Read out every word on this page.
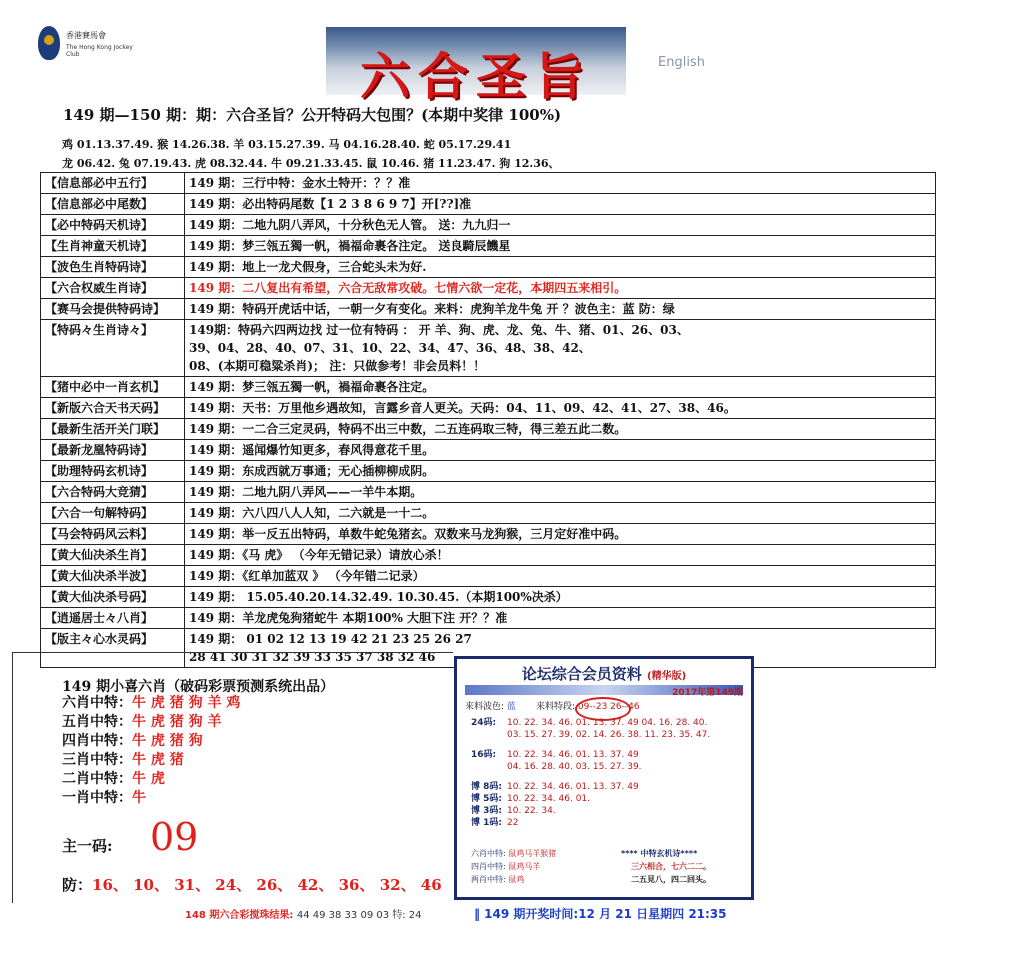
香港賽馬會
The Hong Kong Jockey Club	六合圣旨	English
149 期—150 期：期：六合圣旨？公开特码大包围？(本期中奖律 100%)
鸡 01.13.37.49. 猴 14.26.38. 羊 03.15.27.39. 马 04.16.28.40. 蛇 05.17.29.41
龙 06.42. 兔 07.19.43. 虎 08.32.44. 牛 09.21.33.45. 鼠 10.46. 猪 11.23.47. 狗 12.36、
【信息部必中五行】	149 期：三行中特：金水土特开：？？准

【信息部必中尾数】	149 期：必出特码尾数【1 2 3 8 6 9 7】开[??]准

【必中特码天机诗】	149 期：二地九阴八弄风，十分秋色无人管。 送：九九归一

【生肖神童天机诗】	149 期：梦三瓴五獨一帆，禍福命裹各注定。 送良騎辰饑星

【波色生肖特码诗】	149 期：地上一龙犬假身，三合蛇头未为好.

【六合权威生肖诗】	149 期：二八复出有希望，六合无敌常攻破。七情六欲一定花，本期四五来相引。

【赛马会提供特码诗】	149 期：特码开虎话中话，一朝一夕有变化。来料：虎狗羊龙牛兔 开 ？波色主：蓝 防：绿

【特码々生肖诗々】	149期：特码六四两边找 过一位有特码 ： 开 羊、狗、虎、龙、兔、牛、猪、01、26、03、
39、04、28、40、07、31、10、22、34、47、36、48、38、42、
08、(本期可稳粱杀肖)； 注：只做参考！非会员料！！

【猪中必中一肖玄机】	149 期：梦三瓴五獨一帆，禍福命裹各注定。

【新版六合天书天码】	149 期：天书：万里他乡遇故知，言露乡音人更关。天码：04、11、09、42、41、27、38、46。

【最新生活开关门联】	149 期：一二合三定灵码，特码不出三中数，二五连码取三特，得三差五此二数。

【最新龙凰特码诗】	149 期：遥闻爆竹知更多，春风得意花千里。

【助理特码玄机诗】	149 期：东成西就万事通；无心插柳柳成阴。

【六合特码大竞猜】	149 期：二地九阴八弄风——一羊牛本期。

【六合一句解特码】	149 期：六八四八人人知，二六就是一十二。

【马会特码风云料】	149 期：举一反五出特码，单数牛蛇兔猪玄。双数来马龙狗猴，三月定好准中码。

【黄大仙决杀生肖】	149 期：《马 虎》 （今年无错记录）请放心杀！

【黄大仙决杀半波】	149 期：《红单加蓝双 》 （今年错二记录）

【黄大仙决杀号码】	149 期： 15.05.40.20.14.32.49. 10.30.45.（本期100%决杀）

【逍遥居士々八肖】	149 期：羊龙虎兔狗猪蛇牛 本期100% 大胆下注 开？？准

【版主々心水灵码】	149 期： 01 02 12 13 19 42 21 23 25 26 27
28 41 30 31 32 39 33 35 37 38 32 46
149 期小喜六肖（破码彩票预测系统出品）
六肖中特：牛 虎 猪 狗 羊 鸡
五肖中特：牛 虎 猪 狗 羊
四肖中特：牛 虎 猪 狗
三肖中特：牛 虎 猪
二肖中特：牛 虎
一肖中特：牛
主一码: 09
防：16、 10、 31、 24、 26、 42、 36、 32、 46
论坛综合会员资料 (精华版)
2017年第149期
来料波色: 蓝 来料特段: 09--23 26--46
24码: 10. 22. 34. 46. 01. 13. 37. 49 04. 16. 28. 40.
03. 15. 27. 39. 02. 14. 26. 38. 11. 23. 35. 47.
16码: 10. 22. 34. 46. 01. 13. 37. 49
04. 16. 28. 40. 03. 15. 27. 39.
博 8码: 10. 22. 34. 46. 01. 13. 37. 49
博 5码: 10. 22. 34. 46. 01.
博 3码: 10. 22. 34.
博 1码: 22
六肖中特: 鼠鸡马羊猴猪
四肖中特: 鼠鸡马羊
两肖中特: 鼠鸡
**** 中特玄机诗****
三六相合，七六二二。
二五見八，四二回头。
148 期六合彩搅珠结果: 44 49 38 33 09 03 特: 24	‖ 149 期开奖时间:12 月 21 日星期四 21:35
